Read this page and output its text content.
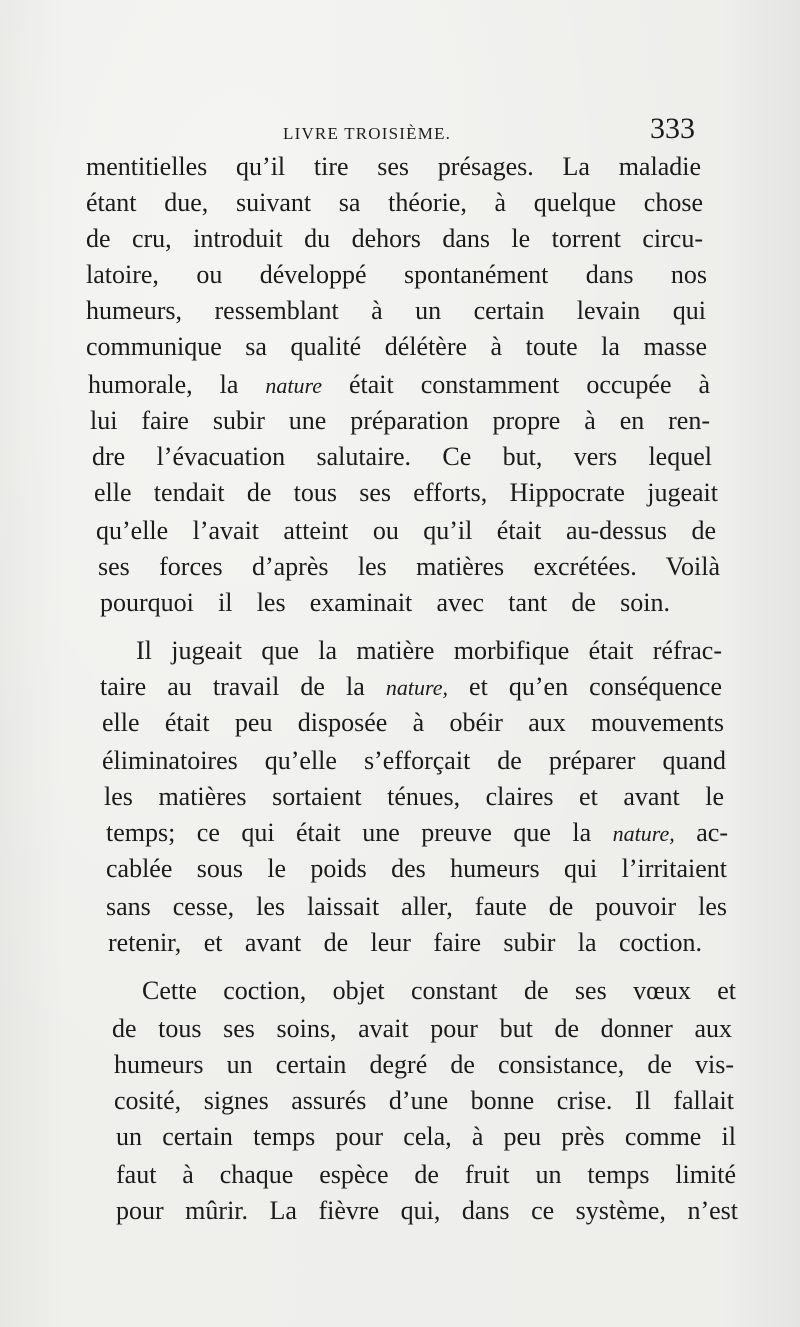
LIVRE TROISIÈME.	333
mentitielles qu’il tire ses présages. La maladie
étant due, suivant sa théorie, à quelque chose
de cru, introduit du dehors dans le torrent circu-
latoire, ou développé spontanément dans nos
humeurs, ressemblant à un certain levain qui
communique sa qualité délétère à toute la masse
humorale, la nature était constamment occupée à
lui faire subir une préparation propre à en ren-
dre l’évacuation salutaire. Ce but, vers lequel
elle tendait de tous ses efforts, Hippocrate jugeait
qu’elle l’avait atteint ou qu’il était au-dessus de
ses forces d’après les matières excrétées. Voilà
pourquoi il les examinait avec tant de soin.
Il jugeait que la matière morbifique était réfrac-
taire au travail de la nature, et qu’en conséquence
elle était peu disposée à obéir aux mouvements
éliminatoires qu’elle s’efforçait de préparer quand
les matières sortaient ténues, claires et avant le
temps; ce qui était une preuve que la nature, ac-
cablée sous le poids des humeurs qui l’irritaient
sans cesse, les laissait aller, faute de pouvoir les
retenir, et avant de leur faire subir la coction.
Cette coction, objet constant de ses vœux et
de tous ses soins, avait pour but de donner aux
humeurs un certain degré de consistance, de vis-
cosité, signes assurés d’une bonne crise. Il fallait
un certain temps pour cela, à peu près comme il
faut à chaque espèce de fruit un temps limité
pour mûrir. La fièvre qui, dans ce système, n’est
